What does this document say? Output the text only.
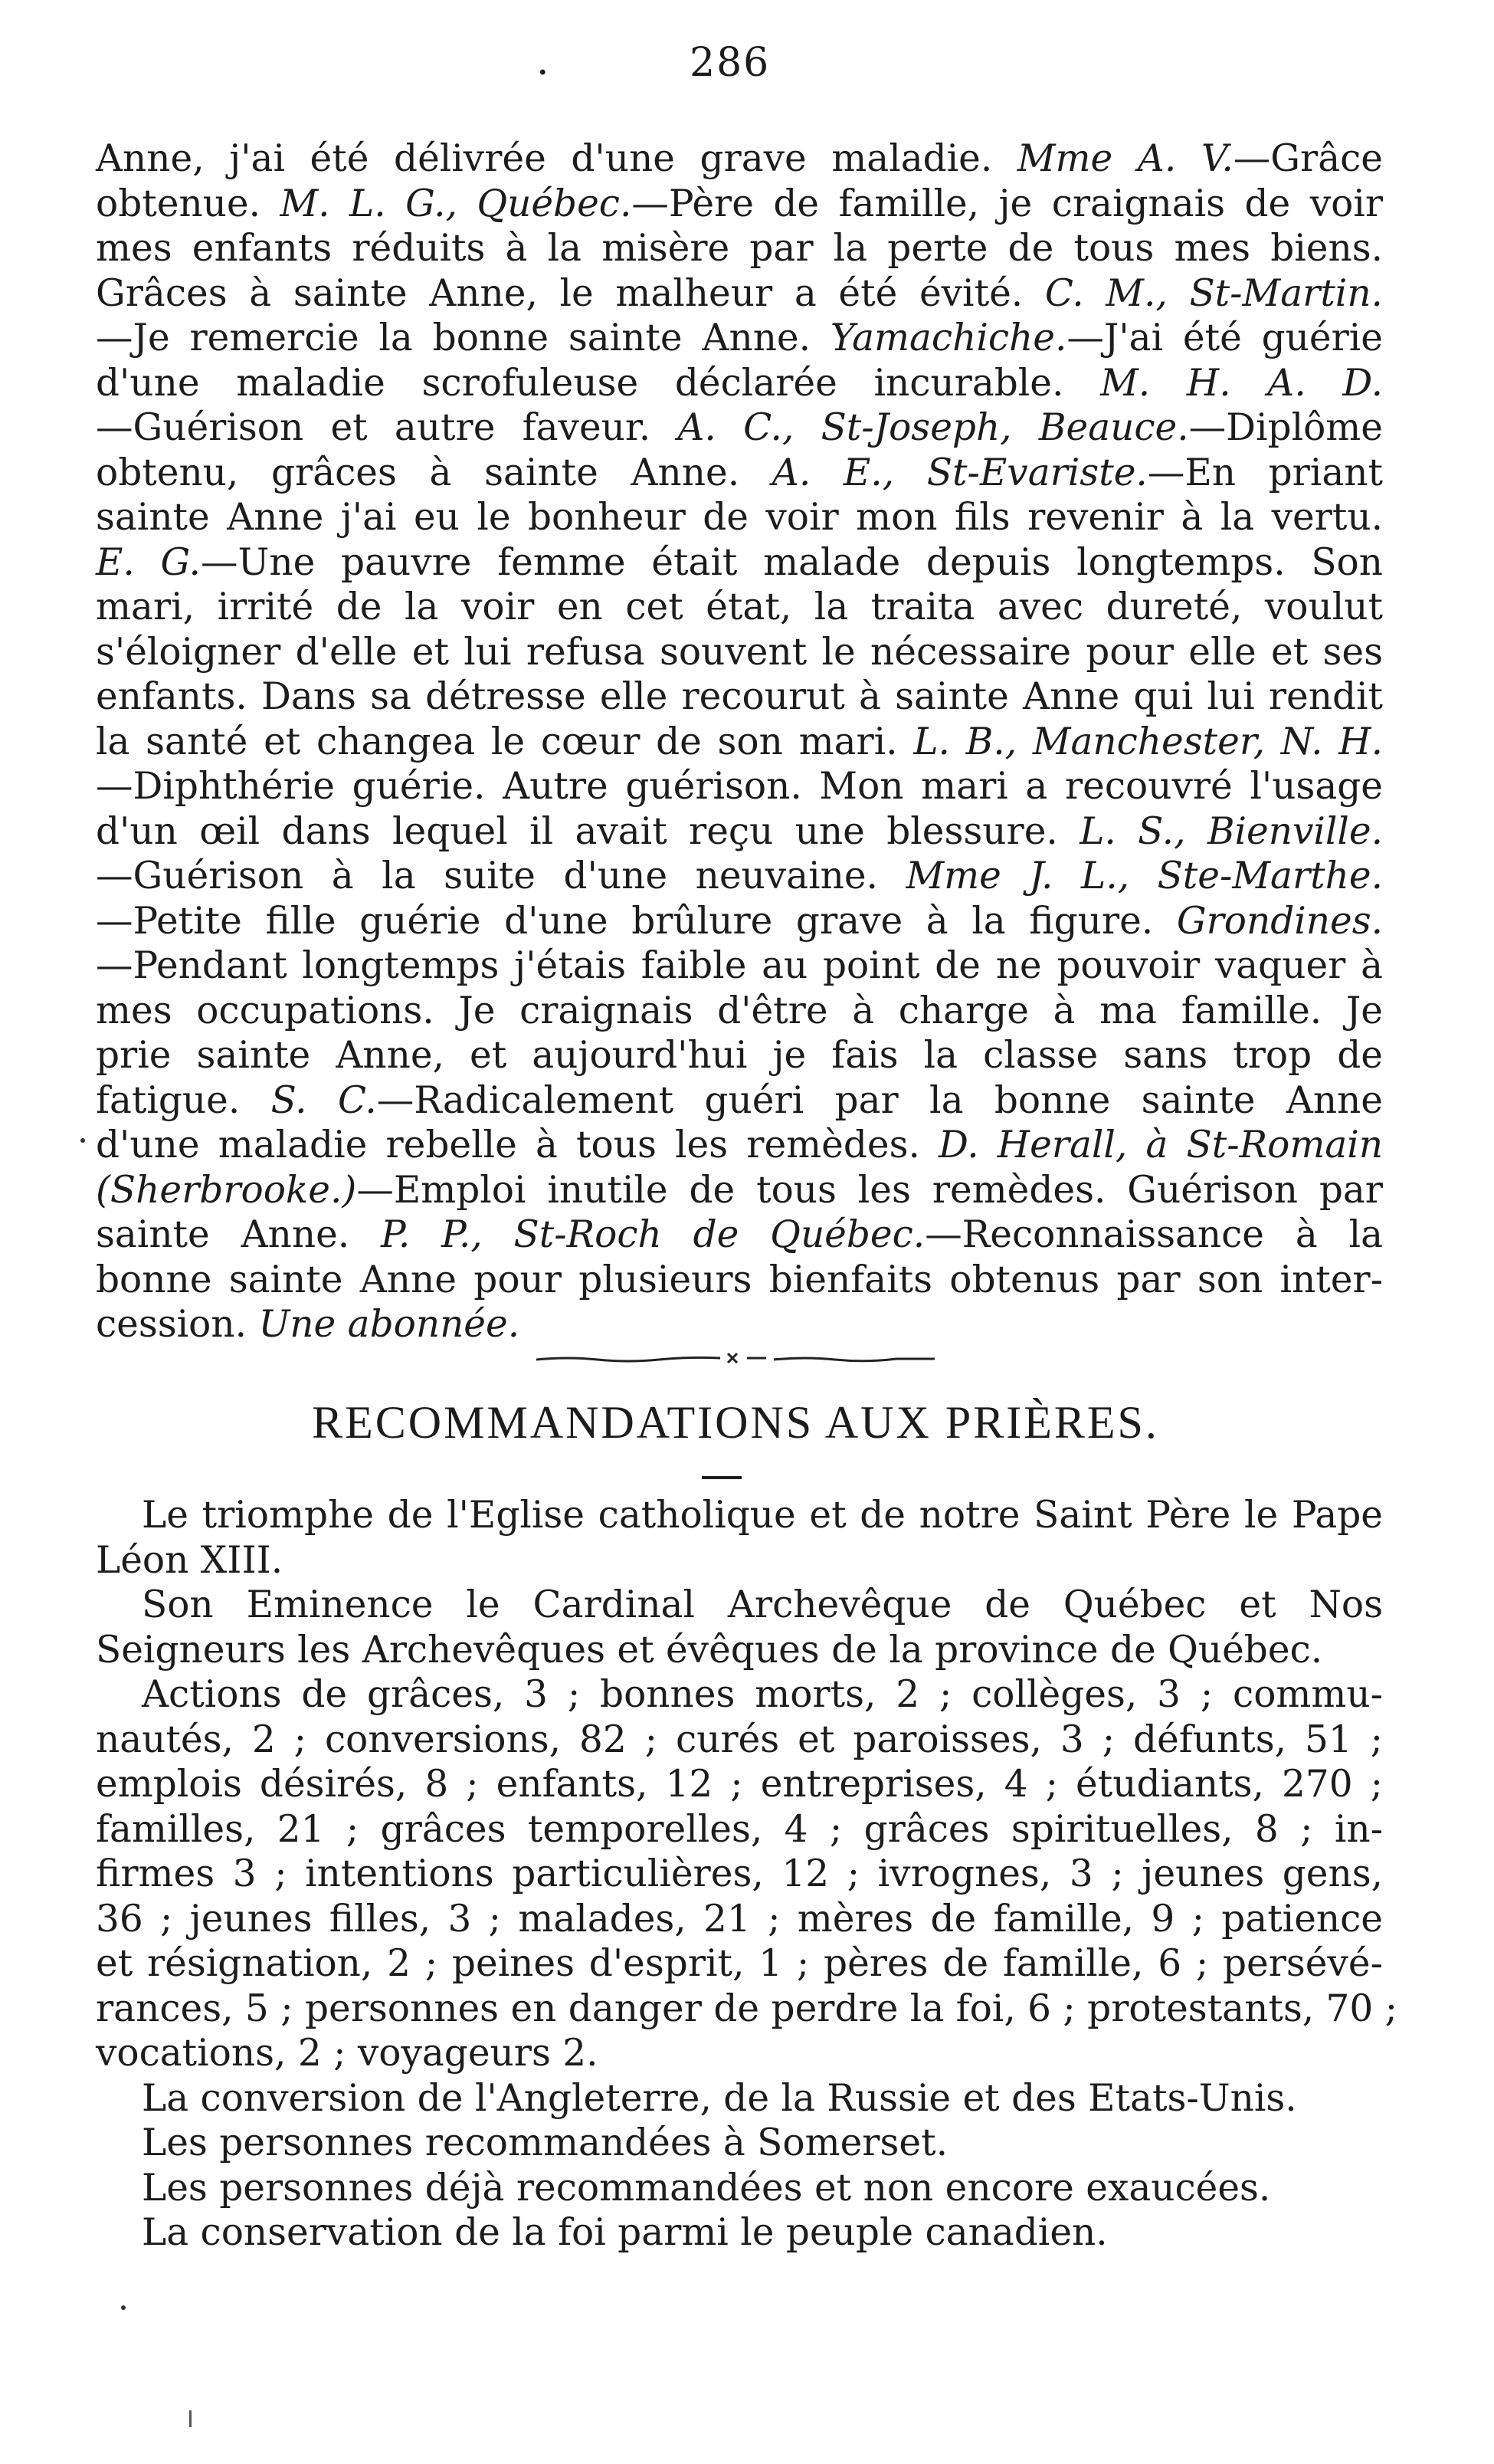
.	286
Anne, j'ai été délivrée d'une grave maladie. Mme A. V.—Grâce
obtenue. M. L. G., Québec.—Père de famille, je craignais de voir
mes enfants réduits à la misère par la perte de tous mes biens.
Grâces à sainte Anne, le malheur a été évité. C. M., St-Martin.
—Je remercie la bonne sainte Anne. Yamachiche.—J'ai été guérie
d'une maladie scrofuleuse déclarée incurable. M. H. A. D.
—Guérison et autre faveur. A. C., St-Joseph, Beauce.—Diplôme
obtenu, grâces à sainte Anne. A. E., St-Evariste.—En priant
sainte Anne j'ai eu le bonheur de voir mon fils revenir à la vertu.
E. G.—Une pauvre femme était malade depuis longtemps. Son
mari, irrité de la voir en cet état, la traita avec dureté, voulut
s'éloigner d'elle et lui refusa souvent le nécessaire pour elle et ses
enfants. Dans sa détresse elle recourut à sainte Anne qui lui rendit
la santé et changea le cœur de son mari. L. B., Manchester, N. H.
—Diphthérie guérie. Autre guérison. Mon mari a recouvré l'usage
d'un œil dans lequel il avait reçu une blessure. L. S., Bienville.
—Guérison à la suite d'une neuvaine. Mme J. L., Ste-Marthe.
—Petite fille guérie d'une brûlure grave à la figure. Grondines.
—Pendant longtemps j'étais faible au point de ne pouvoir vaquer à
mes occupations. Je craignais d'être à charge à ma famille. Je
prie sainte Anne, et aujourd'hui je fais la classe sans trop de
fatigue. S. C.—Radicalement guéri par la bonne sainte Anne
d'une maladie rebelle à tous les remèdes. D. Herall, à St-Romain
(Sherbrooke.)—Emploi inutile de tous les remèdes. Guérison par
sainte Anne. P. P., St-Roch de Québec.—Reconnaissance à la
bonne sainte Anne pour plusieurs bienfaits obtenus par son inter-
cession. Une abonnée.
RECOMMANDATIONS AUX PRIÈRES.
Le triomphe de l'Eglise catholique et de notre Saint Père le Pape
Léon XIII.
Son Eminence le Cardinal Archevêque de Québec et Nos
Seigneurs les Archevêques et évêques de la province de Québec.
Actions de grâces, 3 ; bonnes morts, 2 ; collèges, 3 ; commu-
nautés, 2 ; conversions, 82 ; curés et paroisses, 3 ; défunts, 51 ;
emplois désirés, 8 ; enfants, 12 ; entreprises, 4 ; étudiants, 270 ;
familles, 21 ; grâces temporelles, 4 ; grâces spirituelles, 8 ; in-
firmes 3 ; intentions particulières, 12 ; ivrognes, 3 ; jeunes gens,
36 ; jeunes filles, 3 ; malades, 21 ; mères de famille, 9 ; patience
et résignation, 2 ; peines d'esprit, 1 ; pères de famille, 6 ; persévé-
rances, 5 ; personnes en danger de perdre la foi, 6 ; protestants, 70 ;
vocations, 2 ; voyageurs 2.
La conversion de l'Angleterre, de la Russie et des Etats-Unis.
Les personnes recommandées à Somerset.
Les personnes déjà recommandées et non encore exaucées.
La conservation de la foi parmi le peuple canadien.
